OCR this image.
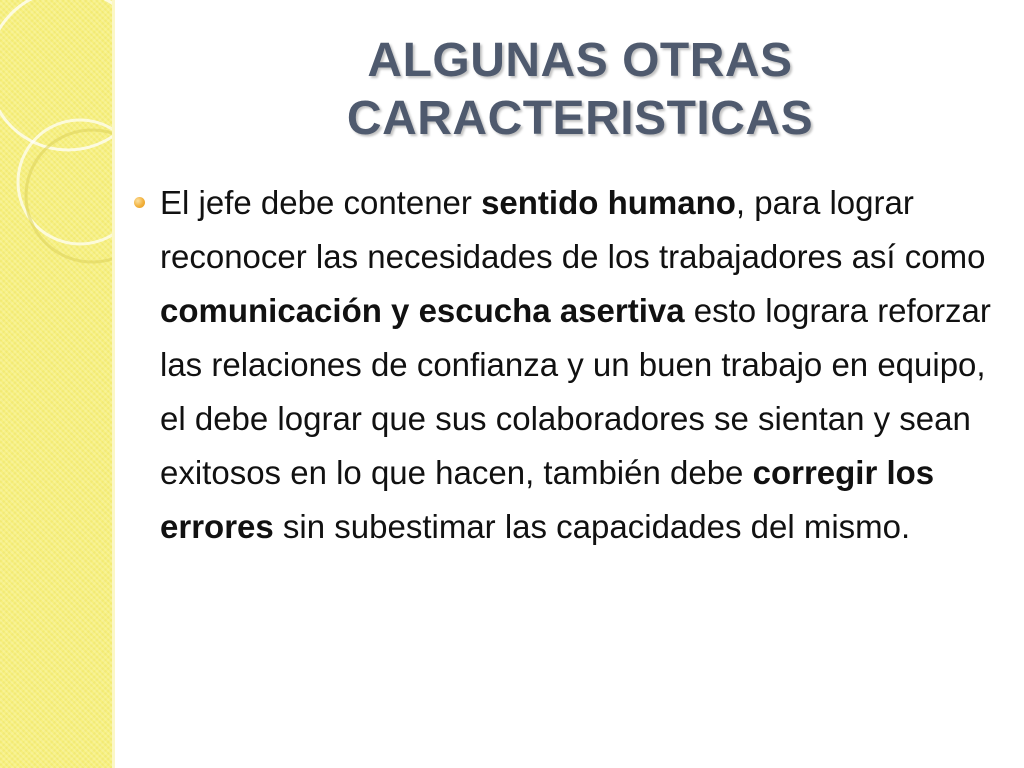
ALGUNAS OTRAS CARACTERISTICAS

El jefe debe contener sentido humano, para lograr reconocer las necesidades de los trabajadores así como comunicación y escucha asertiva esto lograra reforzar las relaciones de confianza y un buen trabajo en equipo, el debe lograr que sus colaboradores se sientan y sean exitosos en lo que hacen, también debe corregir los errores sin subestimar las capacidades del mismo.
